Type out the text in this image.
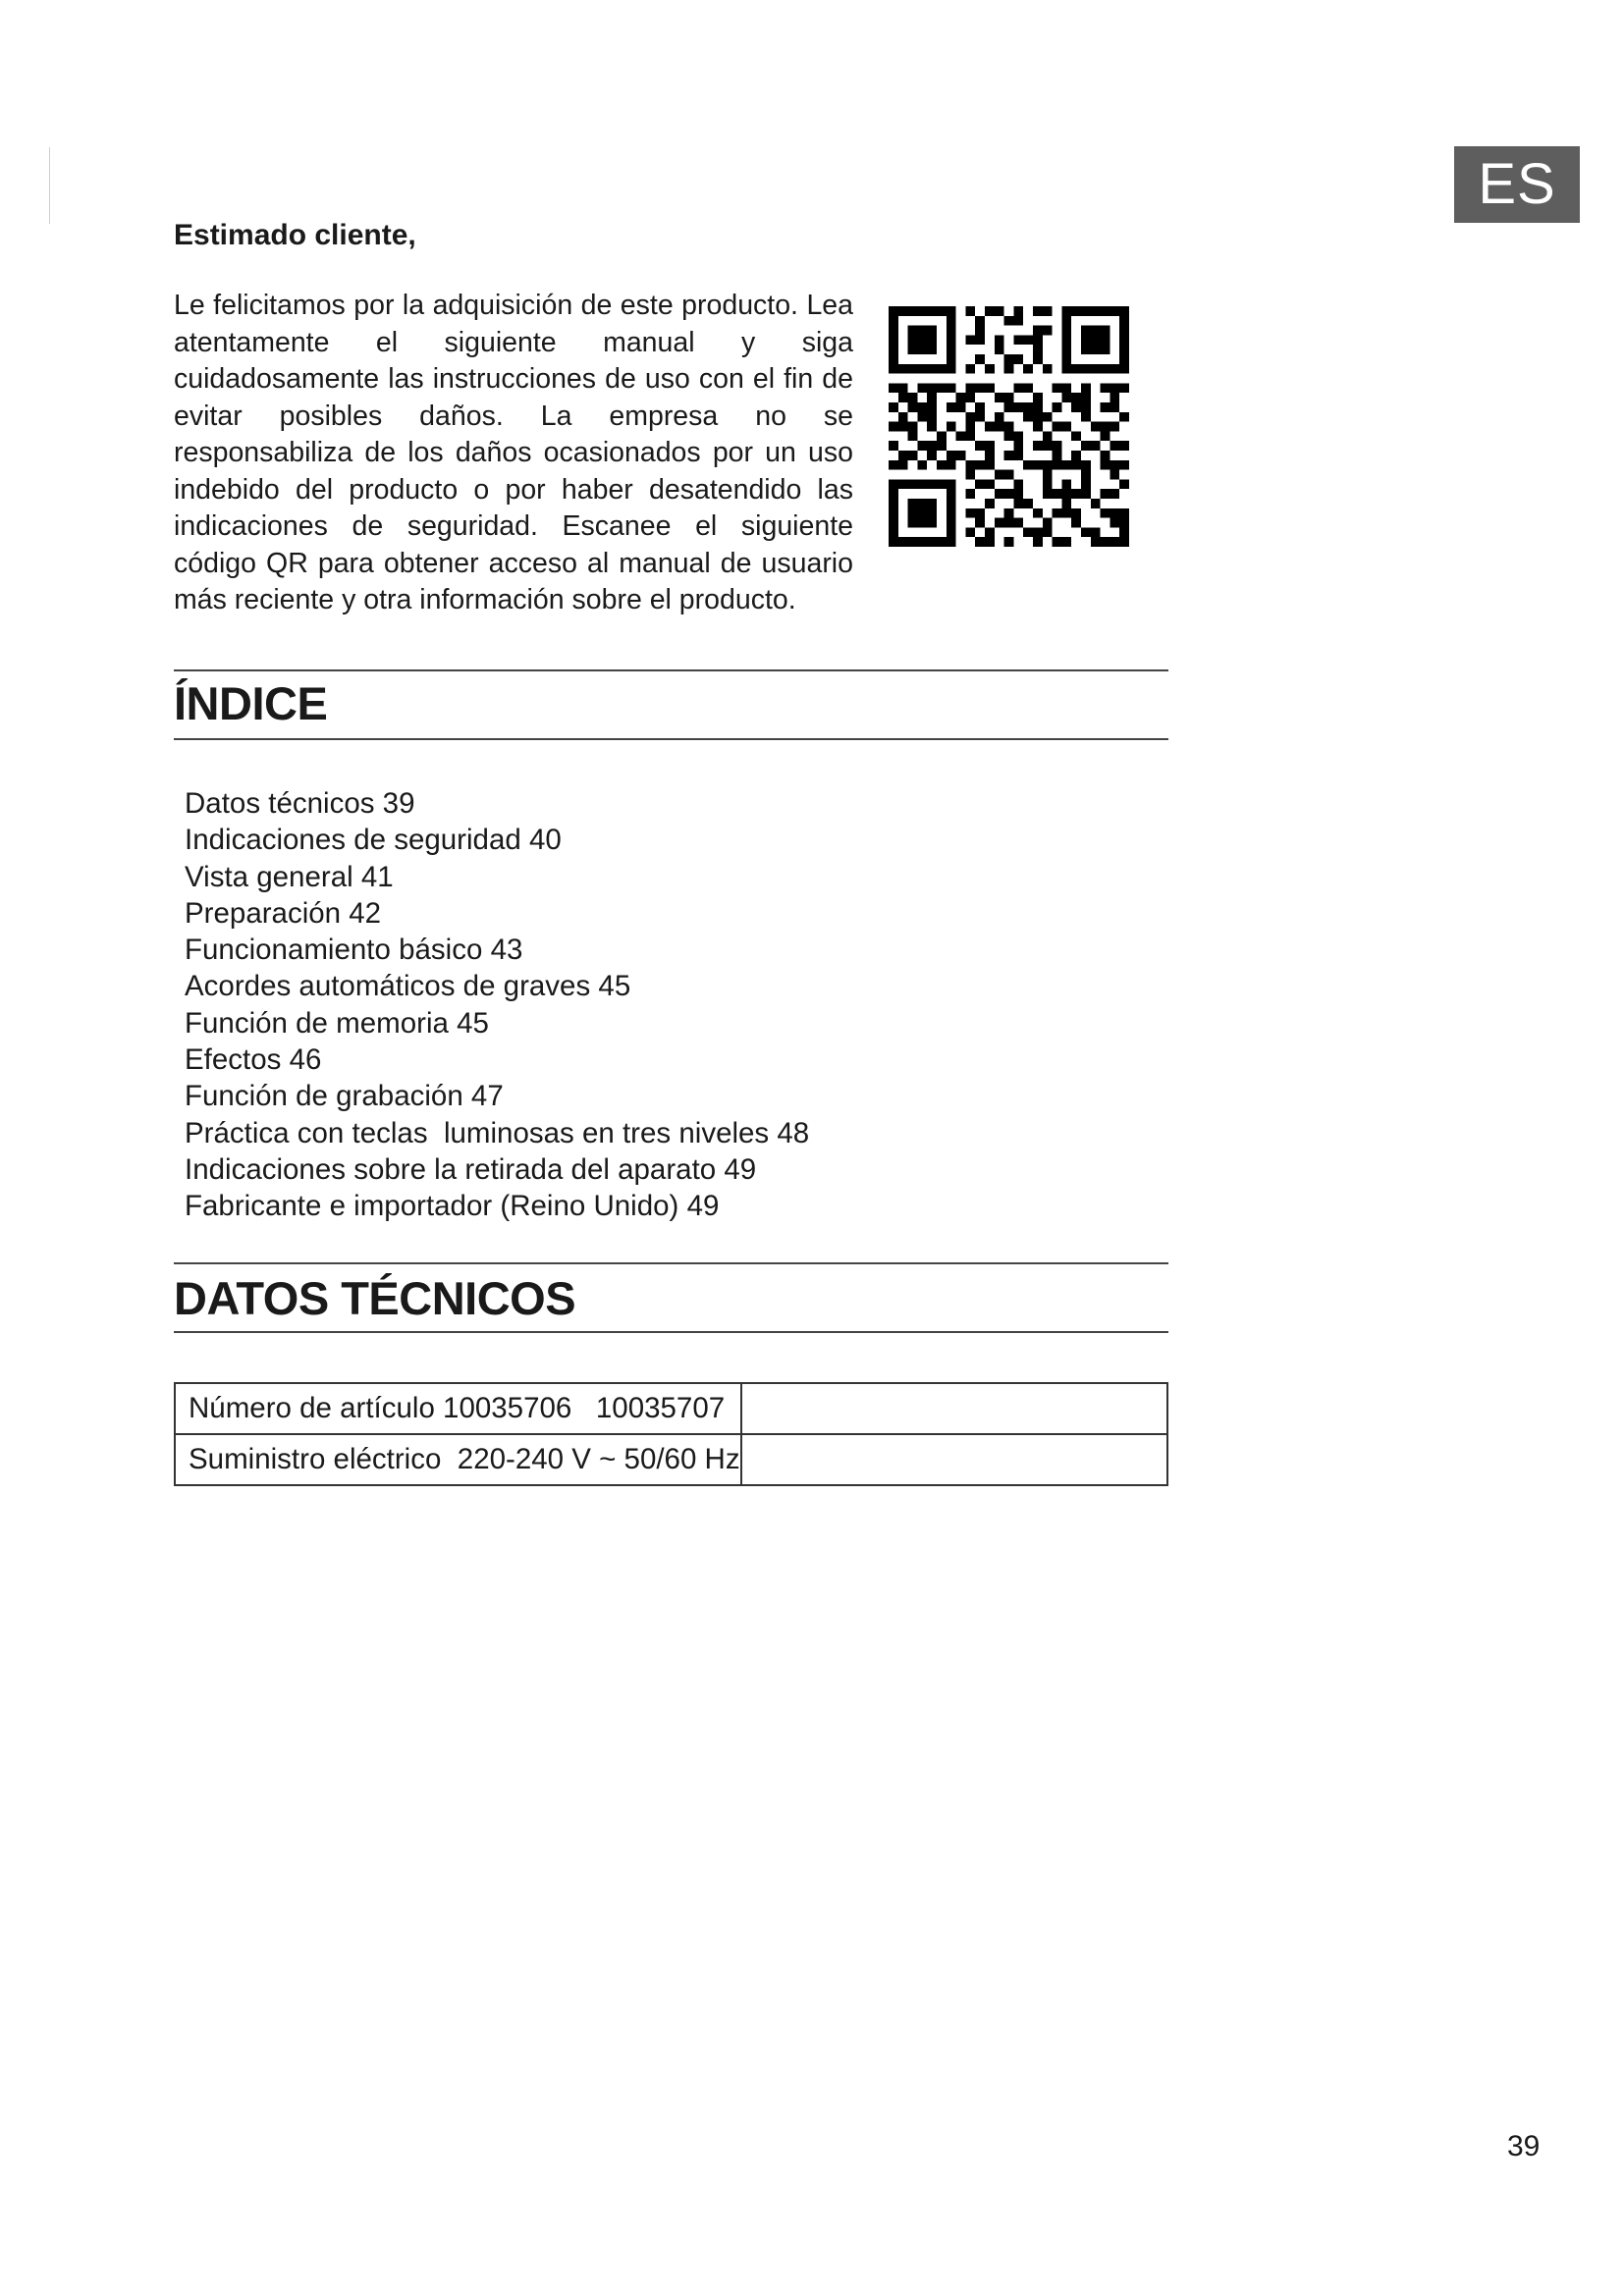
ES

Estimado cliente,

Le felicitamos por la adquisición de este producto. Lea atentamente el siguiente manual y siga cuidadosamente las instrucciones de uso con el fin de evitar posibles daños. La empresa no se responsabiliza de los daños ocasionados por un uso indebido del producto o por haber desatendido las indicaciones de seguridad. Escanee el siguiente código QR para obtener acceso al manual de usuario más reciente y otra información sobre el producto.

ÍNDICE
Datos técnicos 39
Indicaciones de seguridad 40
Vista general 41
Preparación 42
Funcionamiento básico 43
Acordes automáticos de graves 45
Función de memoria 45
Efectos 46
Función de grabación 47
Práctica con teclas  luminosas en tres niveles 48
Indicaciones sobre la retirada del aparato 49
Fabricante e importador (Reino Unido) 49
DATOS TÉCNICOS
Número de artículo 10035706   10035707	
Suministro eléctrico  220-240 V ~ 50/60 Hz	
39
